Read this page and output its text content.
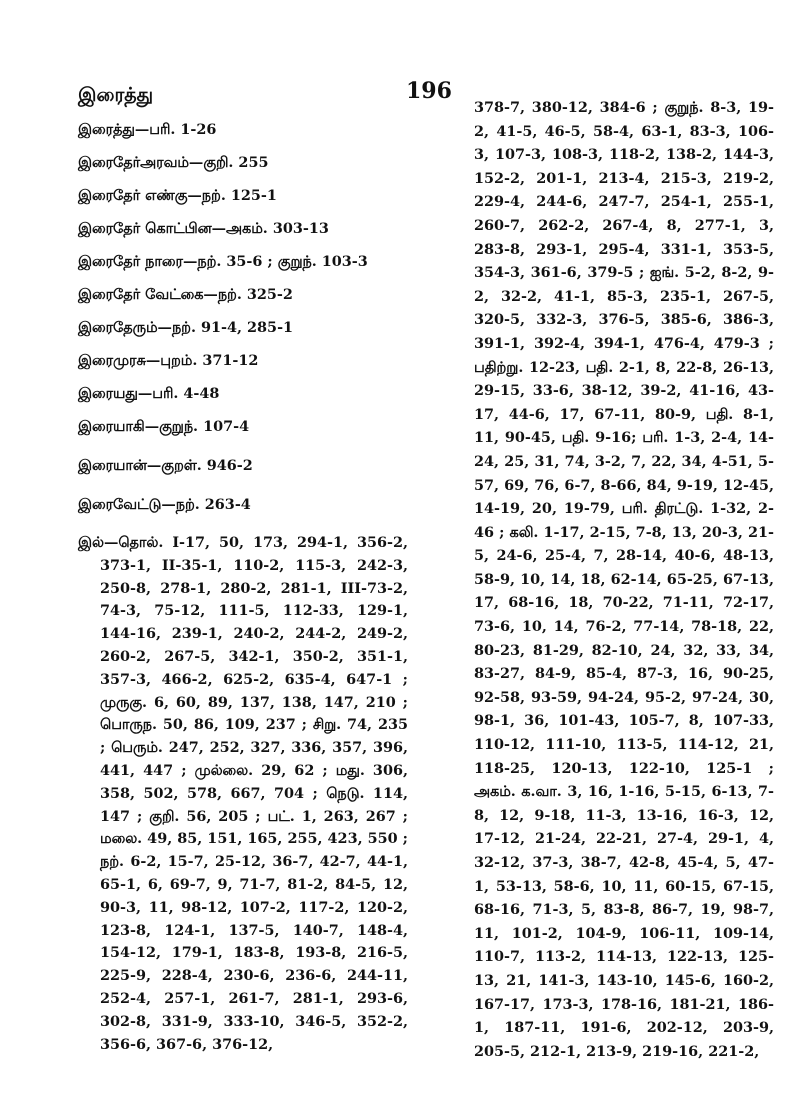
இரைத்து	196
இரைத்து—பரி. 1-26
இரைதேர்அரவம்—குறி. 255
இரைதேர் எண்கு—நற். 125-1
இரைதேர் கொட்பின—அகம். 303-13
இரைதேர் நாரை—நற். 35-6 ; குறுந். 103-3
இரைதேர் வேட்கை—நற். 325-2
இரைதேரும்—நற். 91-4, 285-1
இரைமுரசு—புறம். 371-12
இரையது—பரி. 4-48
இரையாகி—குறுந். 107-4
இரையான்—குறள். 946-2
இரைவேட்டு—நற். 263-4
இல்—தொல். I-17, 50, 173, 294-1, 356-2, 373-1, II-35-1, 110-2, 115-3, 242-3, 250-8, 278-1, 280-2, 281-1, III-73-2, 74-3, 75-12, 111-5, 112-33, 129-1, 144-16, 239-1, 240-2, 244-2, 249-2, 260-2, 267-5, 342-1, 350-2, 351-1, 357-3, 466-2, 625-2, 635-4, 647-1 ; முருகு. 6, 60, 89, 137, 138, 147, 210 ; பொருந. 50, 86, 109, 237 ; சிறு. 74, 235 ; பெரும். 247, 252, 327, 336, 357, 396, 441, 447 ; முல்லை. 29, 62 ; மது. 306, 358, 502, 578, 667, 704 ; நெடு. 114, 147 ; குறி. 56, 205 ; பட். 1, 263, 267 ; மலை. 49, 85, 151, 165, 255, 423, 550 ; நற். 6-2, 15-7, 25-12, 36-7, 42-7, 44-1, 65-1, 6, 69-7, 9, 71-7, 81-2, 84-5, 12, 90-3, 11, 98-12, 107-2, 117-2, 120-2, 123-8, 124-1, 137-5, 140-7, 148-4, 154-12, 179-1, 183-8, 193-8, 216-5, 225-9, 228-4, 230-6, 236-6, 244-11, 252-4, 257-1, 261-7, 281-1, 293-6, 302-8, 331-9, 333-10, 346-5, 352-2, 356-6, 367-6, 376-12,
378-7, 380-12, 384-6 ; குறுந். 8-3, 19-2, 41-5, 46-5, 58-4, 63-1, 83-3, 106-3, 107-3, 108-3, 118-2, 138-2, 144-3, 152-2, 201-1, 213-4, 215-3, 219-2, 229-4, 244-6, 247-7, 254-1, 255-1, 260-7, 262-2, 267-4, 8, 277-1, 3, 283-8, 293-1, 295-4, 331-1, 353-5, 354-3, 361-6, 379-5 ; ஐங். 5-2, 8-2, 9-2, 32-2, 41-1, 85-3, 235-1, 267-5, 320-5, 332-3, 376-5, 385-6, 386-3, 391-1, 392-4, 394-1, 476-4, 479-3 ; பதிற்று. 12-23, பதி. 2-1, 8, 22-8, 26-13, 29-15, 33-6, 38-12, 39-2, 41-16, 43-17, 44-6, 17, 67-11, 80-9, பதி. 8-1, 11, 90-45, பதி. 9-16; பரி. 1-3, 2-4, 14-24, 25, 31, 74, 3-2, 7, 22, 34, 4-51, 5-57, 69, 76, 6-7, 8-66, 84, 9-19, 12-45, 14-19, 20, 19-79, பரி. திரட்டு. 1-32, 2-46 ; கலி. 1-17, 2-15, 7-8, 13, 20-3, 21-5, 24-6, 25-4, 7, 28-14, 40-6, 48-13, 58-9, 10, 14, 18, 62-14, 65-25, 67-13, 17, 68-16, 18, 70-22, 71-11, 72-17, 73-6, 10, 14, 76-2, 77-14, 78-18, 22, 80-23, 81-29, 82-10, 24, 32, 33, 34, 83-27, 84-9, 85-4, 87-3, 16, 90-25, 92-58, 93-59, 94-24, 95-2, 97-24, 30, 98-1, 36, 101-43, 105-7, 8, 107-33, 110-12, 111-10, 113-5, 114-12, 21, 118-25, 120-13, 122-10, 125-1 ; அகம். க.வா. 3, 16, 1-16, 5-15, 6-13, 7-8, 12, 9-18, 11-3, 13-16, 16-3, 12, 17-12, 21-24, 22-21, 27-4, 29-1, 4, 32-12, 37-3, 38-7, 42-8, 45-4, 5, 47-1, 53-13, 58-6, 10, 11, 60-15, 67-15, 68-16, 71-3, 5, 83-8, 86-7, 19, 98-7, 11, 101-2, 104-9, 106-11, 109-14, 110-7, 113-2, 114-13, 122-13, 125-13, 21, 141-3, 143-10, 145-6, 160-2, 167-17, 173-3, 178-16, 181-21, 186-1, 187-11, 191-6, 202-12, 203-9, 205-5, 212-1, 213-9, 219-16, 221-2,
